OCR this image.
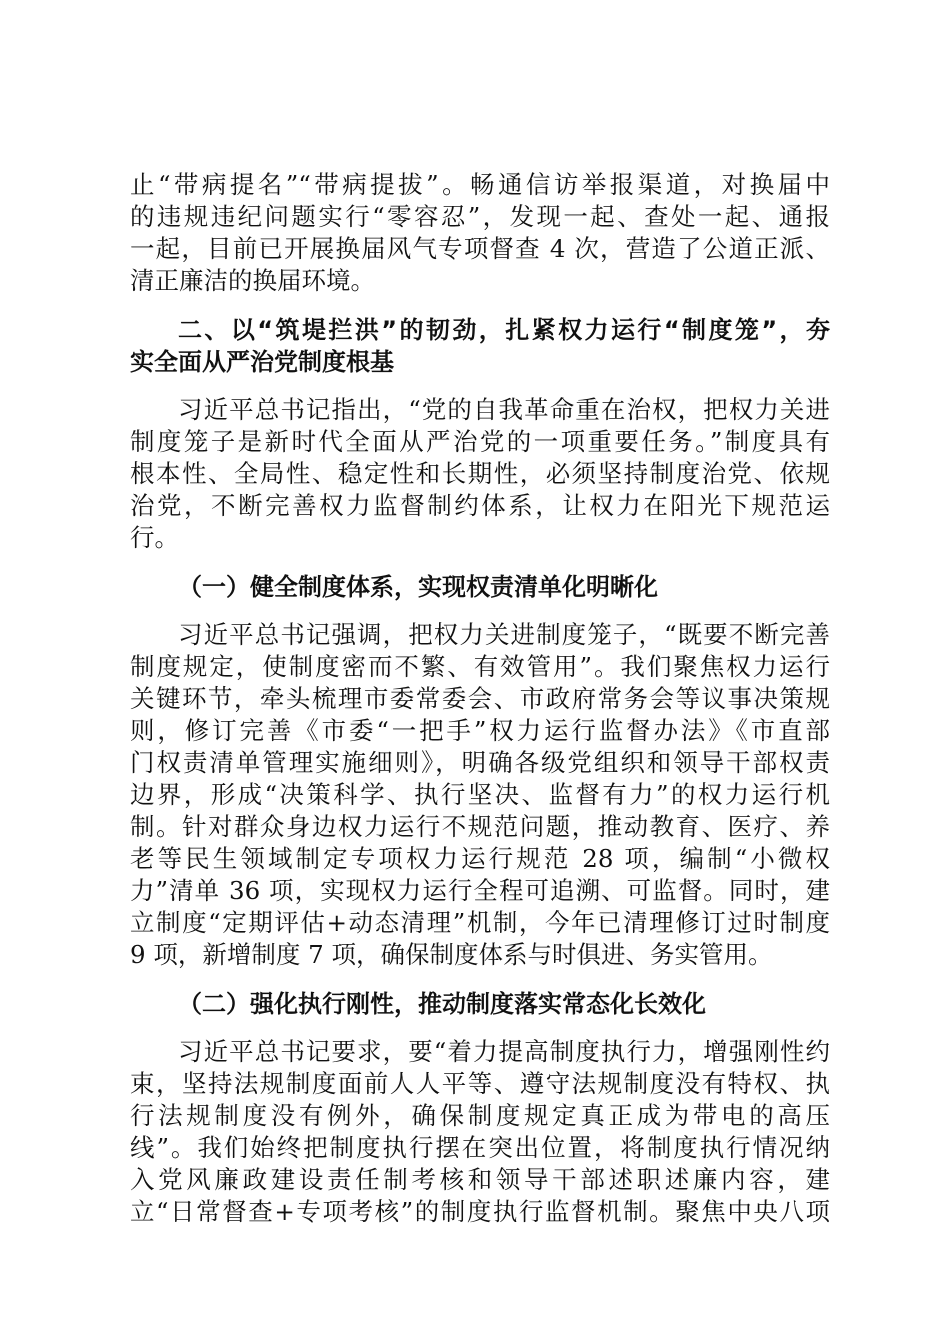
止“带病提名”“带病提拔”。畅通信访举报渠道，对换届中
的违规违纪问题实行“零容忍”，发现一起、查处一起、通报
一起，目前已开展换届风气专项督查 4 次，营造了公道正派、
清正廉洁的换届环境。
二、以“筑堤拦洪”的韧劲，扎紧权力运行“制度笼”，夯
实全面从严治党制度根基
习近平总书记指出，“党的自我革命重在治权，把权力关进
制度笼子是新时代全面从严治党的一项重要任务。”制度具有
根本性、全局性、稳定性和长期性，必须坚持制度治党、依规
治党，不断完善权力监督制约体系，让权力在阳光下规范运
行。
（一）健全制度体系，实现权责清单化明晰化
习近平总书记强调，把权力关进制度笼子，“既要不断完善
制度规定，使制度密而不繁、有效管用”。我们聚焦权力运行
关键环节，牵头梳理市委常委会、市政府常务会等议事决策规
则，修订完善《市委“一把手”权力运行监督办法》《市直部
门权责清单管理实施细则》，明确各级党组织和领导干部权责
边界，形成“决策科学、执行坚决、监督有力”的权力运行机
制。针对群众身边权力运行不规范问题，推动教育、医疗、养
老等民生领域制定专项权力运行规范 28 项，编制“小微权
力”清单 36 项，实现权力运行全程可追溯、可监督。同时，建
立制度“定期评估+动态清理”机制，今年已清理修订过时制度
9 项，新增制度 7 项，确保制度体系与时俱进、务实管用。
（二）强化执行刚性，推动制度落实常态化长效化
习近平总书记要求，要“着力提高制度执行力，增强刚性约
束，坚持法规制度面前人人平等、遵守法规制度没有特权、执
行法规制度没有例外，确保制度规定真正成为带电的高压
线”。我们始终把制度执行摆在突出位置，将制度执行情况纳
入党风廉政建设责任制考核和领导干部述职述廉内容，建
立“日常督查+专项考核”的制度执行监督机制。聚焦中央八项
